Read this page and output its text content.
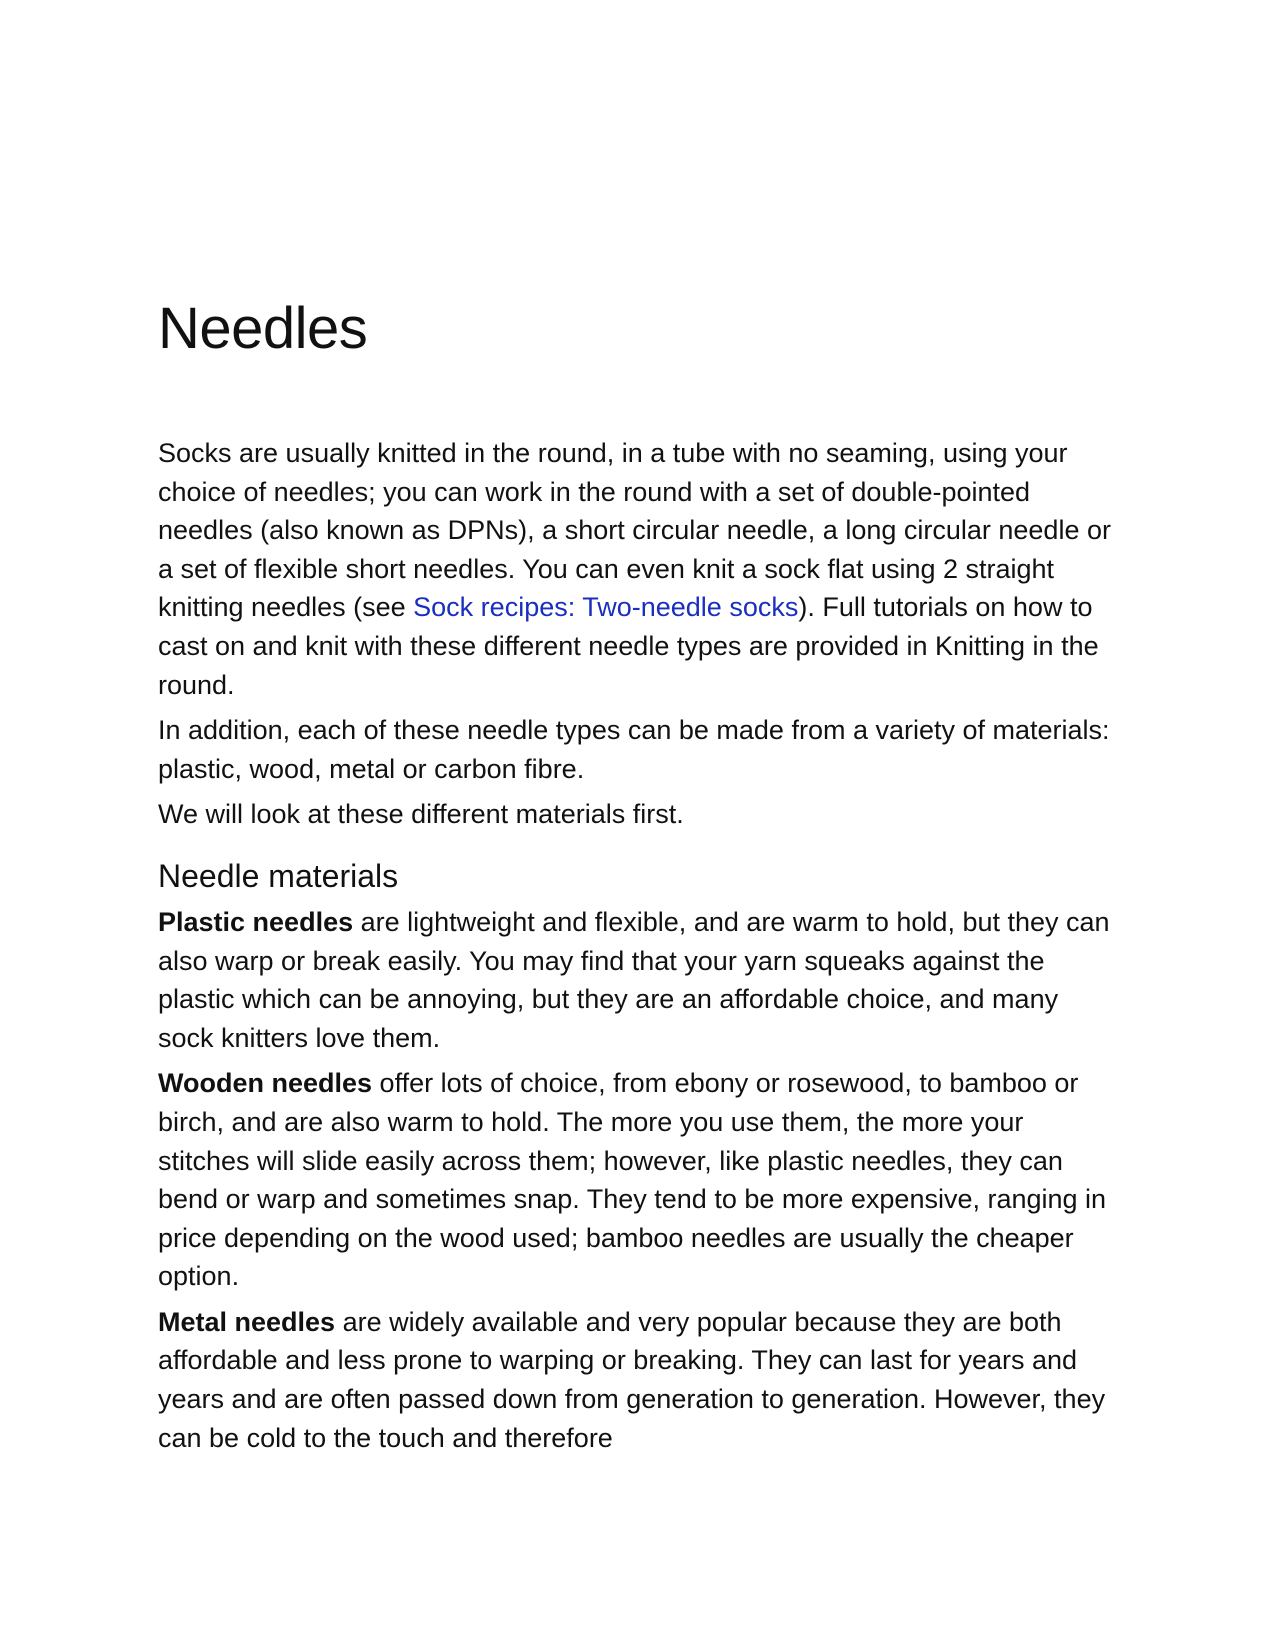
Needles

Socks are usually knitted in the round, in a tube with no seaming, using your choice of needles; you can work in the round with a set of double-pointed needles (also known as DPNs), a short circular needle, a long circular needle or a set of flexible short needles. You can even knit a sock flat using 2 straight knitting needles (see Sock recipes: Two-needle socks). Full tutorials on how to cast on and knit with these different needle types are provided in Knitting in the round.

In addition, each of these needle types can be made from a variety of materials: plastic, wood, metal or carbon fibre.

We will look at these different materials first.

Needle materials

Plastic needles are lightweight and flexible, and are warm to hold, but they can also warp or break easily. You may find that your yarn squeaks against the plastic which can be annoying, but they are an affordable choice, and many sock knitters love them.

Wooden needles offer lots of choice, from ebony or rosewood, to bamboo or birch, and are also warm to hold. The more you use them, the more your stitches will slide easily across them; however, like plastic needles, they can bend or warp and sometimes snap. They tend to be more expensive, ranging in price depending on the wood used; bamboo needles are usually the cheaper option.

Metal needles are widely available and very popular because they are both affordable and less prone to warping or breaking. They can last for years and years and are often passed down from generation to generation. However, they can be cold to the touch and therefore
